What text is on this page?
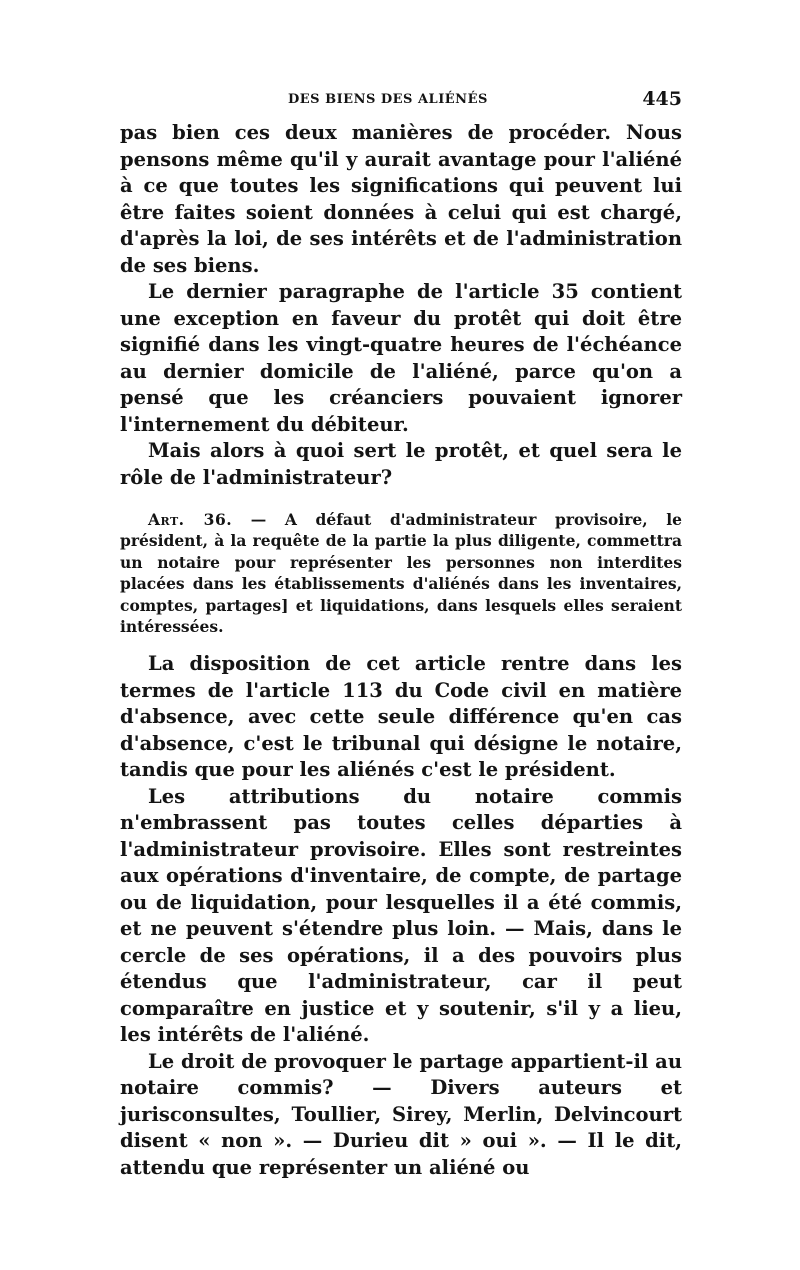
DES BIENS DES ALIÉNÉS	445

pas bien ces deux manières de procéder. Nous pensons même qu'il y aurait avantage pour l'aliéné à ce que toutes les significations qui peuvent lui être faites soient données à celui qui est chargé, d'après la loi, de ses intérêts et de l'administration de ses biens.

Le dernier paragraphe de l'article 35 contient une exception en faveur du protêt qui doit être signifié dans les vingt-quatre heures de l'échéance au dernier domicile de l'aliéné, parce qu'on a pensé que les créanciers pouvaient ignorer l'internement du débiteur.

Mais alors à quoi sert le protêt, et quel sera le rôle de l'administrateur?

Art. 36. — A défaut d'administrateur provisoire, le président, à la requête de la partie la plus diligente, commettra un notaire pour représenter les personnes non interdites placées dans les établissements d'aliénés dans les inventaires, comptes, partages] et liquidations, dans lesquels elles seraient intéressées.

La disposition de cet article rentre dans les termes de l'article 113 du Code civil en matière d'absence, avec cette seule différence qu'en cas d'absence, c'est le tribunal qui désigne le notaire, tandis que pour les aliénés c'est le président.

Les attributions du notaire commis n'embrassent pas toutes celles départies à l'administrateur provisoire. Elles sont restreintes aux opérations d'inventaire, de compte, de partage ou de liquidation, pour lesquelles il a été commis, et ne peuvent s'étendre plus loin. — Mais, dans le cercle de ses opérations, il a des pouvoirs plus étendus que l'administrateur, car il peut comparaître en justice et y soutenir, s'il y a lieu, les intérêts de l'aliéné.

Le droit de provoquer le partage appartient-il au notaire commis? — Divers auteurs et jurisconsultes, Toullier, Sirey, Merlin, Delvincourt disent « non ». — Durieu dit » oui ». — Il le dit, attendu que représenter un aliéné ou
